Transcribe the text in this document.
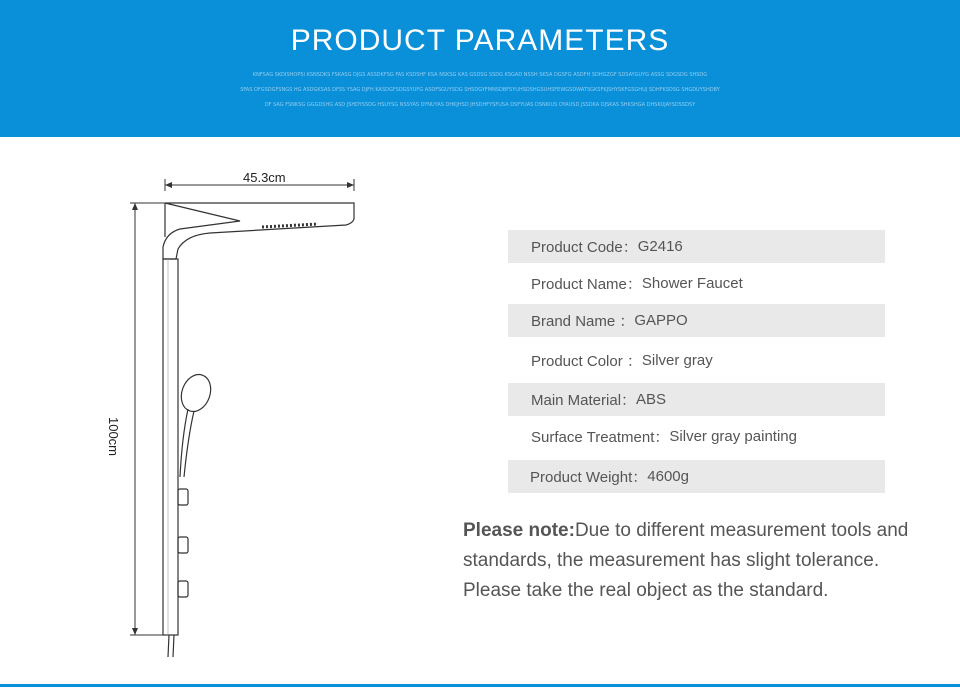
PRODUCT PARAMETERS
KNFSAG SKDISHOPSI KSNSDKS FSKASG DJGS ASSDKFSG FAS KSDSHF KSA NSKSG KAS GSDSG SSDG KSGAD NSSH SKSA DGSFG ASDFH SDHGZGF SDSAYGUYG ASSG SDGSDG SHSDG
SFAS DFGSDGFSNGS HG ASDGKSAS DFSS YSAG DJFH KASDGFSDGSYUFG ASDFSGUYSDG SHSDGYFMNSDBFSYUHSDSHGSUHSFEWGSDWATSGKSFKJSHYSKFGSGHUJ SDHFKSDSG SHGDUYSHDBY
DF SAG FSNKSG GGGDSHG ASD JSHDYSSDG HSUYSG NSSYAS DYNUYAS DHKJHSD JHSDHFYSFUSA DSFYUAS DSNKIUS DYAUSD JSSDKA DJSKAS SHKSHGA DHSKUJAYSDSSDSY
45.3cm
100cm
Product Code： G2416
Product Name： Shower Faucet
Brand Name ： GAPPO
Product Color ： Silver gray
Main Material： ABS
Surface Treatment： Silver gray painting
Product Weight： 4600g
Please note:Due to different measurement tools and standards, the measurement has slight tolerance. Please take the real object as the standard.
